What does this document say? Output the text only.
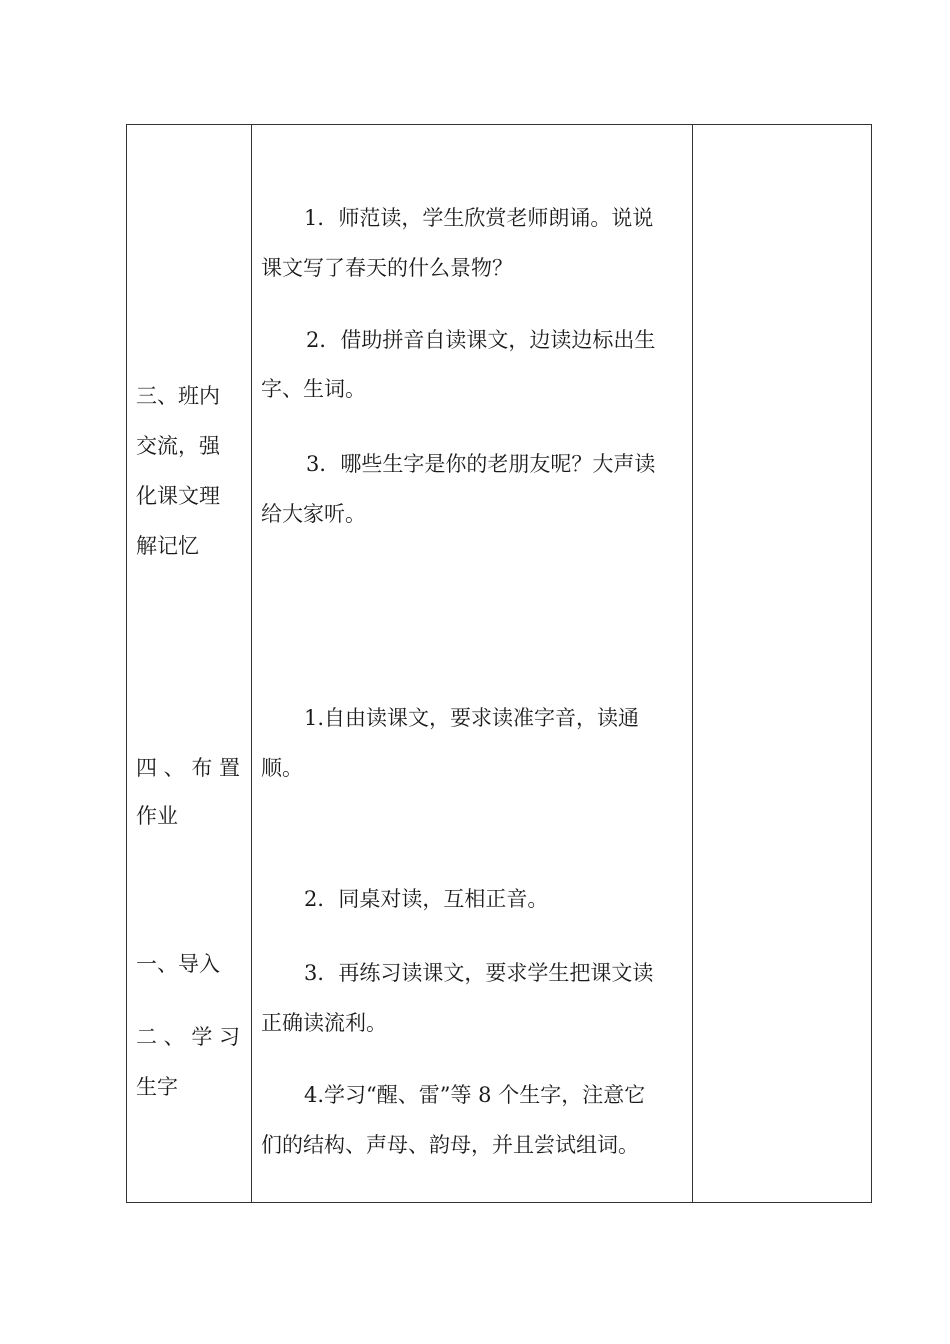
三、班内
交流，强
化课文理
解记忆
四 、 布 置
作业
一、导入
二 、 学 习
生字
1．师范读，学生欣赏老师朗诵。说说
课文写了春天的什么景物？
2．借助拼音自读课文，边读边标出生
字、生词。
3．哪些生字是你的老朋友呢？大声读
给大家听。
1.自由读课文，要求读准字音，读通
顺。
2．同桌对读，互相正音。
3．再练习读课文，要求学生把课文读
正确读流利。
4.学习“醒、雷”等 8 个生字，注意它
们的结构、声母、韵母，并且尝试组词。
